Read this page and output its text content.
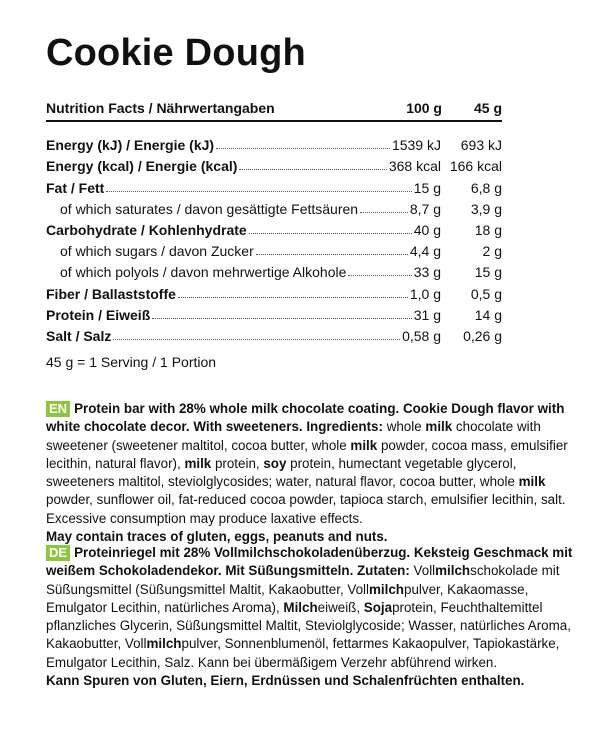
Cookie Dough
Nutrition Facts / Nährwertangaben	100 g 45 g
Energy (kJ) / Energie (kJ)	1539 kJ	693 kJ
Energy (kcal) / Energie (kcal)	368 kcal 166 kcal
Fat / Fett	15 g	6,8 g
of which saturates / davon gesättigte Fettsäuren	8,7 g	3,9 g
Carbohydrate / Kohlenhydrate	40 g	18 g
of which sugars / davon Zucker	4,4 g	2 g
of which polyols / davon mehrwertige Alkohole	33 g	15 g
Fiber / Ballaststoffe	1,0 g	0,5 g
Protein / Eiweiß	31 g	14 g
Salt / Salz	0,58 g	0,26 g
45 g = 1 Serving / 1 Portion
EN Protein bar with 28% whole milk chocolate coating. Cookie Dough flavor with white chocolate decor. With sweeteners. Ingredients: whole milk chocolate with sweetener (sweetener maltitol, cocoa butter, whole milk powder, cocoa mass, emulsifier lecithin, natural flavor), milk protein, soy protein, humectant vegetable glycerol, sweeteners maltitol, steviolglycosides; water, natural flavor, cocoa butter, whole milk powder, sunflower oil, fat-reduced cocoa powder, tapioca starch, emulsifier lecithin, salt. Excessive consumption may produce laxative effects.
May contain traces of gluten, eggs, peanuts and nuts.
DE Proteinriegel mit 28% Vollmilchschokoladenüberzug. Keksteig Geschmack mit weißem Schokoladendekor. Mit Süßungsmitteln. Zutaten: Vollmilchschokolade mit Süßungsmittel (Süßungsmittel Maltit, Kakaobutter, Vollmilchpulver, Kakaomasse, Emulgator Lecithin, natürliches Aroma), Milcheiweiß, Sojaprotein, Feuchthaltemittel pflanzliches Glycerin, Süßungsmittel Maltit, Steviolglycoside; Wasser, natürliches Aroma, Kakaobutter, Vollmilchpulver, Sonnenblumenöl, fettarmes Kakaopulver, Tapiokastärke, Emulgator Lecithin, Salz. Kann bei übermäßigem Verzehr abführend wirken.
Kann Spuren von Gluten, Eiern, Erdnüssen und Schalenfrüchten enthalten.
